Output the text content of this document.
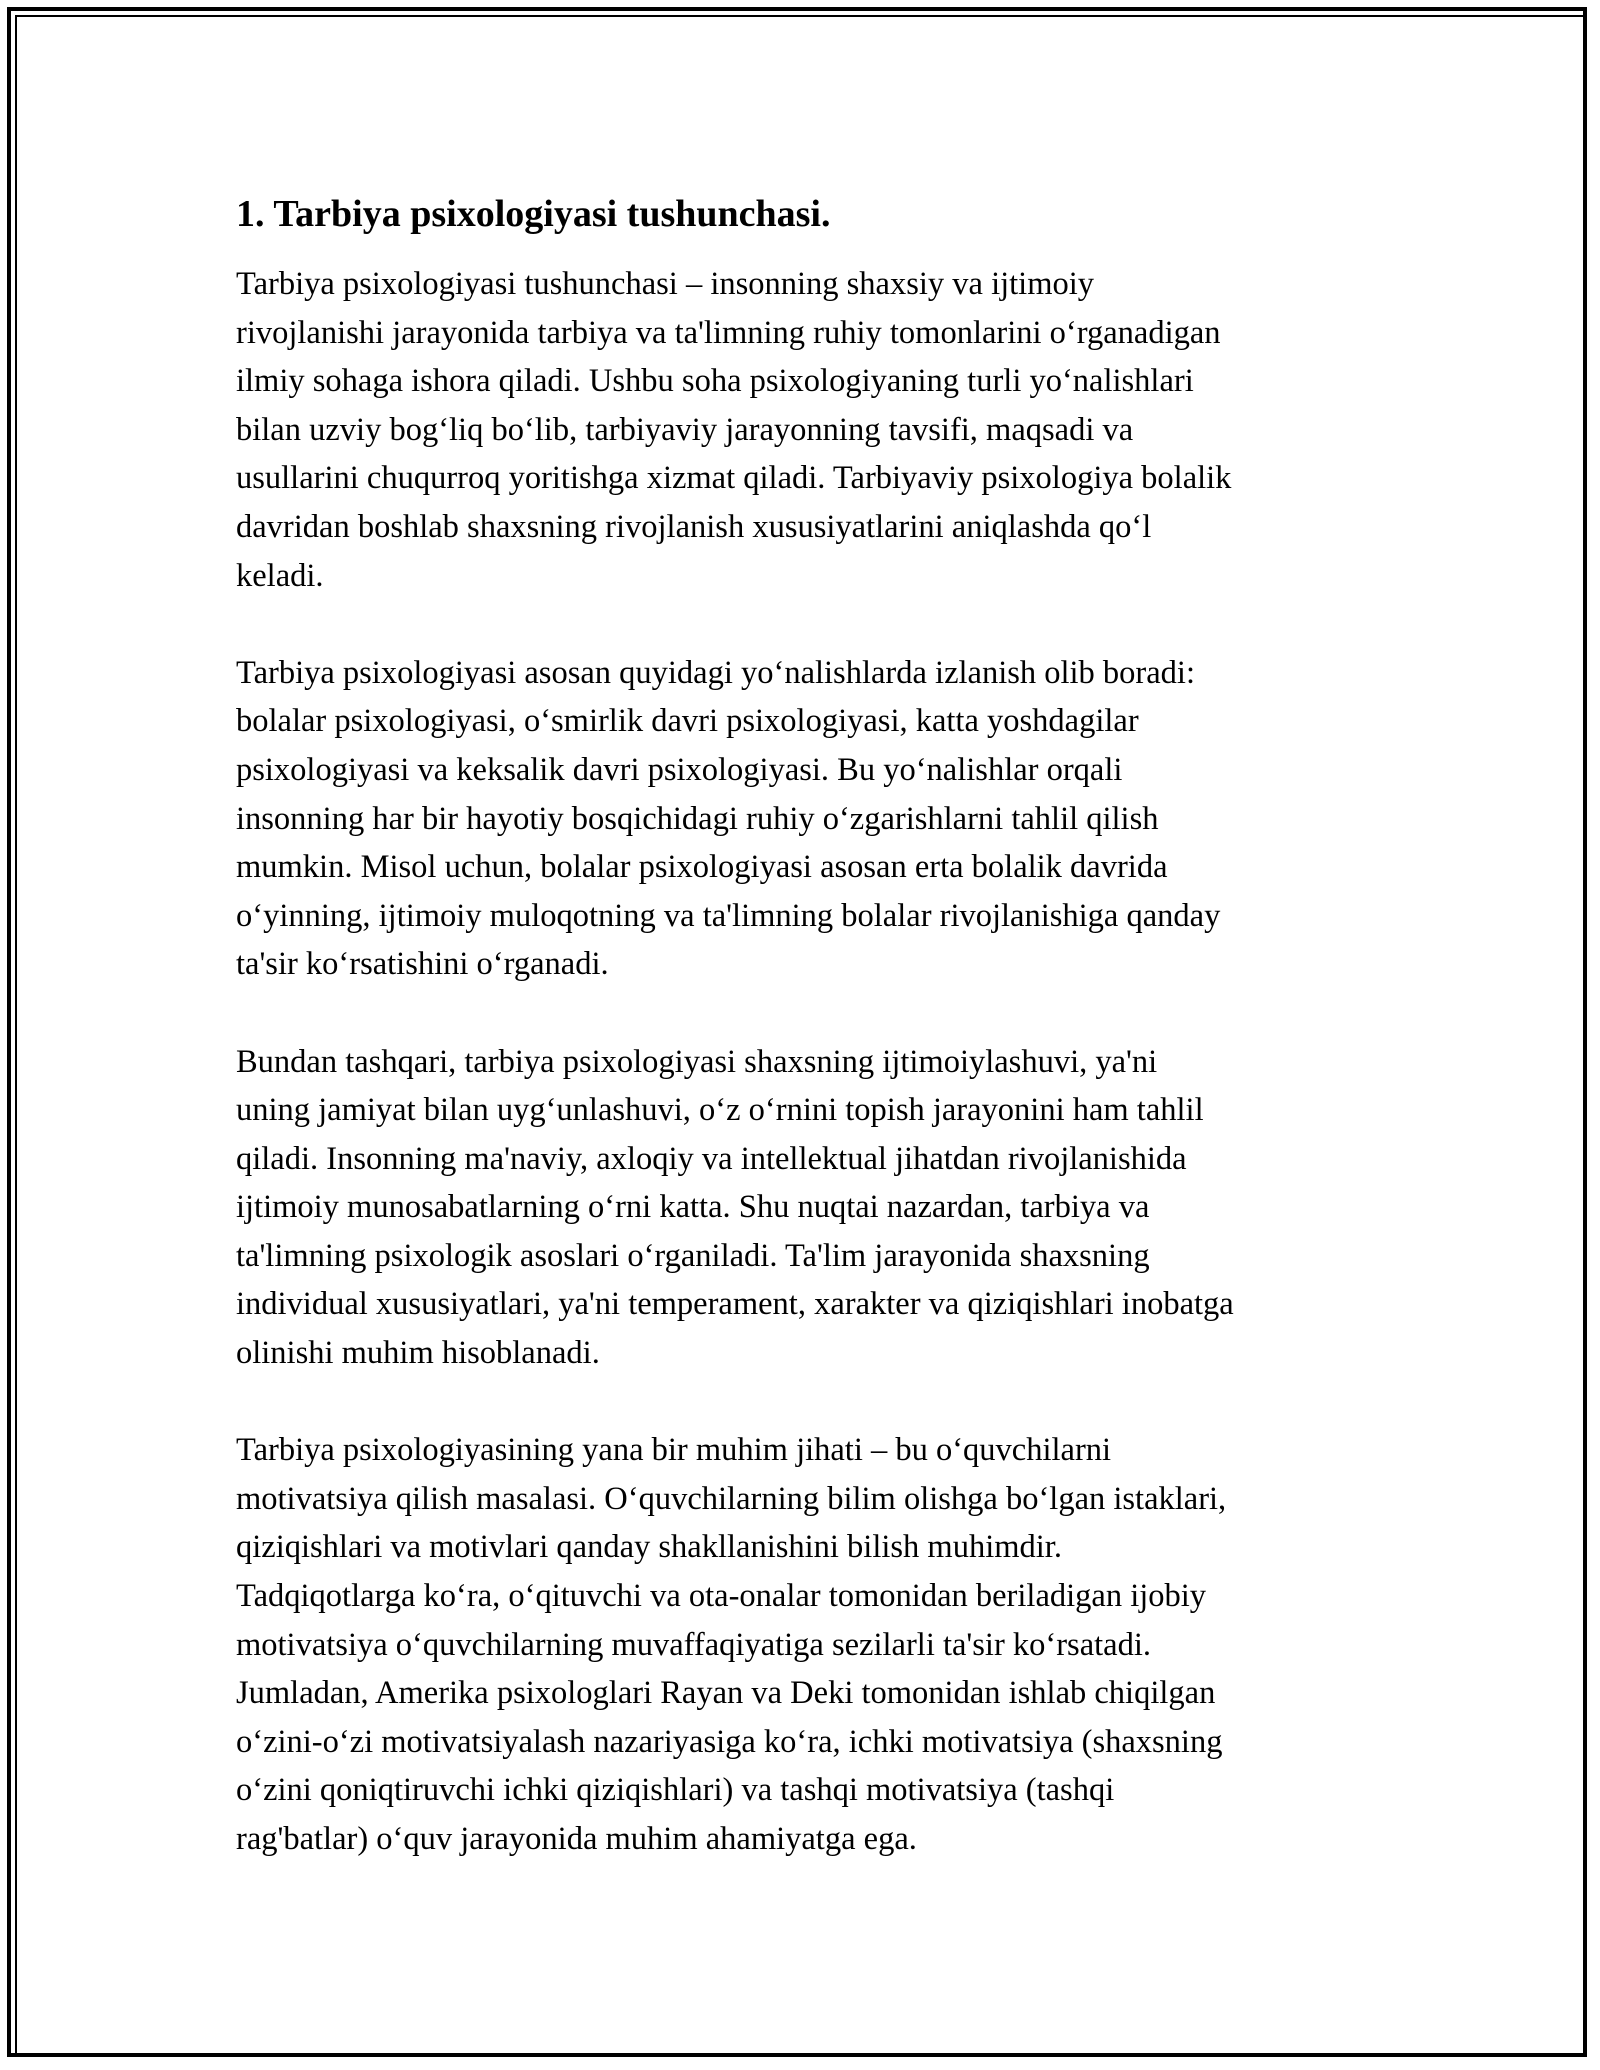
1. Tarbiya psixologiyasi tushunchasi.
Tarbiya psixologiyasi tushunchasi – insonning shaxsiy va ijtimoiy
rivojlanishi jarayonida tarbiya va ta'limning ruhiy tomonlarini o‘rganadigan
ilmiy sohaga ishora qiladi. Ushbu soha psixologiyaning turli yo‘nalishlari
bilan uzviy bog‘liq bo‘lib, tarbiyaviy jarayonning tavsifi, maqsadi va
usullarini chuqurroq yoritishga xizmat qiladi. Tarbiyaviy psixologiya bolalik
davridan boshlab shaxsning rivojlanish xususiyatlarini aniqlashda qo‘l
keladi.
Tarbiya psixologiyasi asosan quyidagi yo‘nalishlarda izlanish olib boradi:
bolalar psixologiyasi, o‘smirlik davri psixologiyasi, katta yoshdagilar
psixologiyasi va keksalik davri psixologiyasi. Bu yo‘nalishlar orqali
insonning har bir hayotiy bosqichidagi ruhiy o‘zgarishlarni tahlil qilish
mumkin. Misol uchun, bolalar psixologiyasi asosan erta bolalik davrida
o‘yinning, ijtimoiy muloqotning va ta'limning bolalar rivojlanishiga qanday
ta'sir ko‘rsatishini o‘rganadi.
Bundan tashqari, tarbiya psixologiyasi shaxsning ijtimoiylashuvi, ya'ni
uning jamiyat bilan uyg‘unlashuvi, o‘z o‘rnini topish jarayonini ham tahlil
qiladi. Insonning ma'naviy, axloqiy va intellektual jihatdan rivojlanishida
ijtimoiy munosabatlarning o‘rni katta. Shu nuqtai nazardan, tarbiya va
ta'limning psixologik asoslari o‘rganiladi. Ta'lim jarayonida shaxsning
individual xususiyatlari, ya'ni temperament, xarakter va qiziqishlari inobatga
olinishi muhim hisoblanadi.
Tarbiya psixologiyasining yana bir muhim jihati – bu o‘quvchilarni
motivatsiya qilish masalasi. O‘quvchilarning bilim olishga bo‘lgan istaklari,
qiziqishlari va motivlari qanday shakllanishini bilish muhimdir.
Tadqiqotlarga ko‘ra, o‘qituvchi va ota-onalar tomonidan beriladigan ijobiy
motivatsiya o‘quvchilarning muvaffaqiyatiga sezilarli ta'sir ko‘rsatadi.
Jumladan, Amerika psixologlari Rayan va Deki tomonidan ishlab chiqilgan
o‘zini-o‘zi motivatsiyalash nazariyasiga ko‘ra, ichki motivatsiya (shaxsning
o‘zini qoniqtiruvchi ichki qiziqishlari) va tashqi motivatsiya (tashqi
rag'batlar) o‘quv jarayonida muhim ahamiyatga ega.
